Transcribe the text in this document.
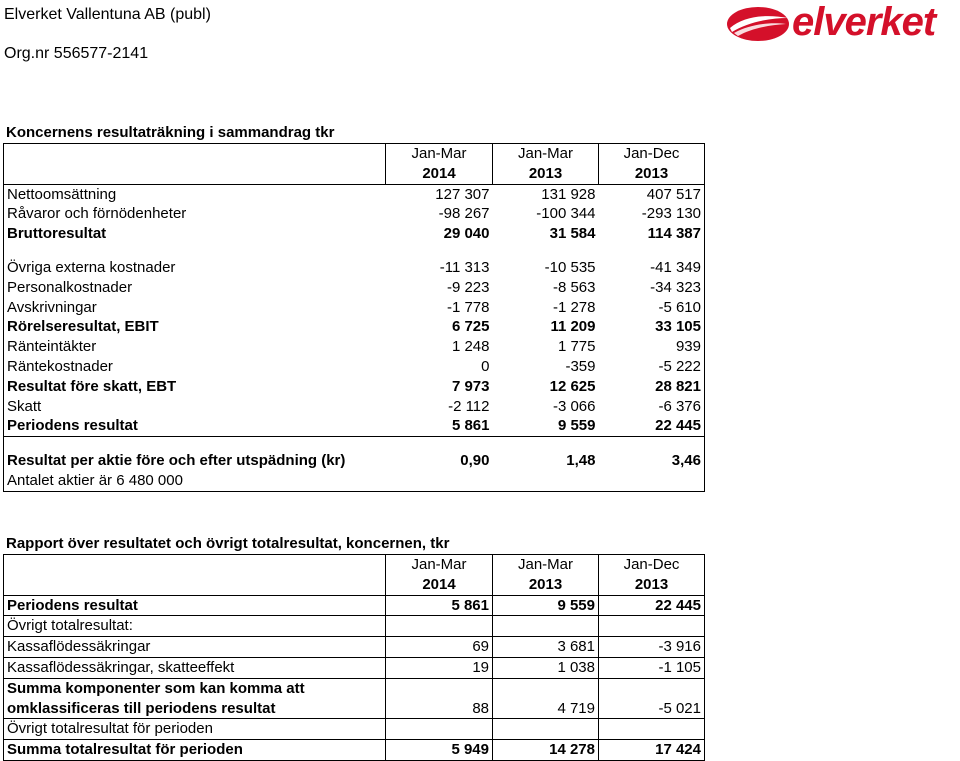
Elverket Vallentuna AB (publ)
Org.nr 556577-2141
elverket
Koncernens resultaträkning i sammandrag tkr
	Jan-Mar	Jan-Mar	Jan-Dec
	2014	2013	2013
Nettoomsättning	127 307	131 928	407 517
Råvaror och förnödenheter	-98 267	-100 344	-293 130
Bruttoresultat	29 040	31 584	114 387

Övriga externa kostnader	-11 313	-10 535	-41 349
Personalkostnader	-9 223	-8 563	-34 323
Avskrivningar	-1 778	-1 278	-5 610
Rörelseresultat, EBIT	6 725	11 209	33 105
Ränteintäkter	1 248	1 775	939
Räntekostnader	0	-359	-5 222
Resultat före skatt, EBT	7 973	12 625	28 821
Skatt	-2 112	-3 066	-6 376
Periodens resultat	5 861	9 559	22 445

Resultat per aktie före och efter utspädning (kr)	0,90	1,48	3,46
Antalet aktier är 6 480 000			
Rapport över resultatet och övrigt totalresultat, koncernen, tkr
	Jan-Mar	Jan-Mar	Jan-Dec
	2014	2013	2013
Periodens resultat	5 861	9 559	22 445
Övrigt totalresultat:			
Kassaflödessäkringar	69	3 681	-3 916
Kassaflödessäkringar, skatteeffekt	19	1 038	-1 105
Summa komponenter som kan komma att			
omklassificeras till periodens resultat	88	4 719	-5 021
Övrigt totalresultat för perioden			
Summa totalresultat för perioden	5 949	14 278	17 424
